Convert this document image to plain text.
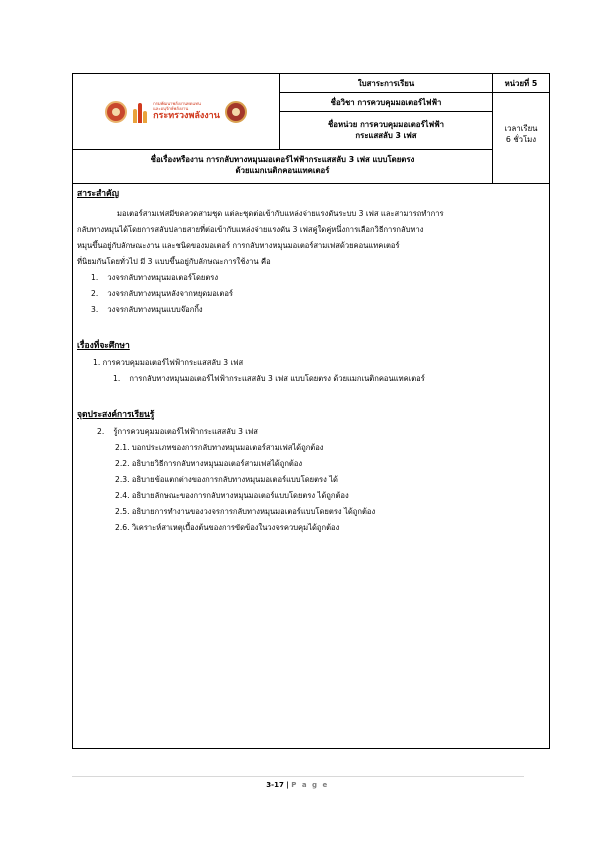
กรมพัฒนาพลังงานทดแทน
และอนุรักษ์พลังงาน
กระทรวงพลังงาน
ใบสาระการเรียน	หน่วยที่ 5
ชื่อวิชา การควบคุมมอเตอร์ไฟฟ้า
ชื่อหน่วย การควบคุมมอเตอร์ไฟฟ้า
กระแสสลับ 3 เฟส
เวลาเรียน
6 ชั่วโมง
ชื่อเรื่องหรืองาน การกลับทางหมุนมอเตอร์ไฟฟ้ากระแสสลับ 3 เฟส แบบโดยตรง
ด้วยแมกเนติกคอนแทคเตอร์
สาระสำคัญ

มอเตอร์สามเฟสมีขดลวดสามชุด แต่ละชุดต่อเข้ากับแหล่งจ่ายแรงดันระบบ 3 เฟส และสามารถทำการ

กลับทางหมุนได้โดยการสลับปลายสายที่ต่อเข้ากับแหล่งจ่ายแรงดัน 3 เฟสคู่ใดคู่หนึ่งการเลือกวิธีการกลับทาง

หมุนขึ้นอยู่กับลักษณะงาน และชนิดของมอเตอร์ การกลับทางหมุนมอเตอร์สามเฟสด้วยคอนแทคเตอร์

ที่นิยมกันโดยทั่วไป มี 3 แบบขึ้นอยู่กับลักษณะการใช้งาน คือ

1. วงจรกลับทางหมุนมอเตอร์โดยตรง
2. วงจรกลับทางหมุนหลังจากหยุดมอเตอร์
3. วงจรกลับทางหมุนแบบจ๊อกกิ้ง
เรื่องที่จะศึกษา
1. การควบคุมมอเตอร์ไฟฟ้ากระแสสลับ 3 เฟส
1. การกลับทางหมุนมอเตอร์ไฟฟ้ากระแสสลับ 3 เฟส แบบโดยตรง ด้วยแมกเนติกคอนแทคเตอร์
จุดประสงค์การเรียนรู้
2. รู้การควบคุมมอเตอร์ไฟฟ้ากระแสสลับ 3 เฟส
2.1. บอกประเภทของการกลับทางหมุนมอเตอร์สามเฟสได้ถูกต้อง
2.2. อธิบายวิธีการกลับทางหมุนมอเตอร์สามเฟสได้ถูกต้อง
2.3. อธิบายข้อแตกต่างของการกลับทางหมุนมอเตอร์แบบโดยตรง ได้
2.4. อธิบายลักษณะของการกลับทางหมุนมอเตอร์แบบโดยตรง ได้ถูกต้อง
2.5. อธิบายการทำงานของวงจรการกลับทางหมุนมอเตอร์แบบโดยตรง ได้ถูกต้อง
2.6. วิเคราะห์สาเหตุเบื้องต้นของการขัดข้องในวงจรควบคุมได้ถูกต้อง
3-17 | P a g e
